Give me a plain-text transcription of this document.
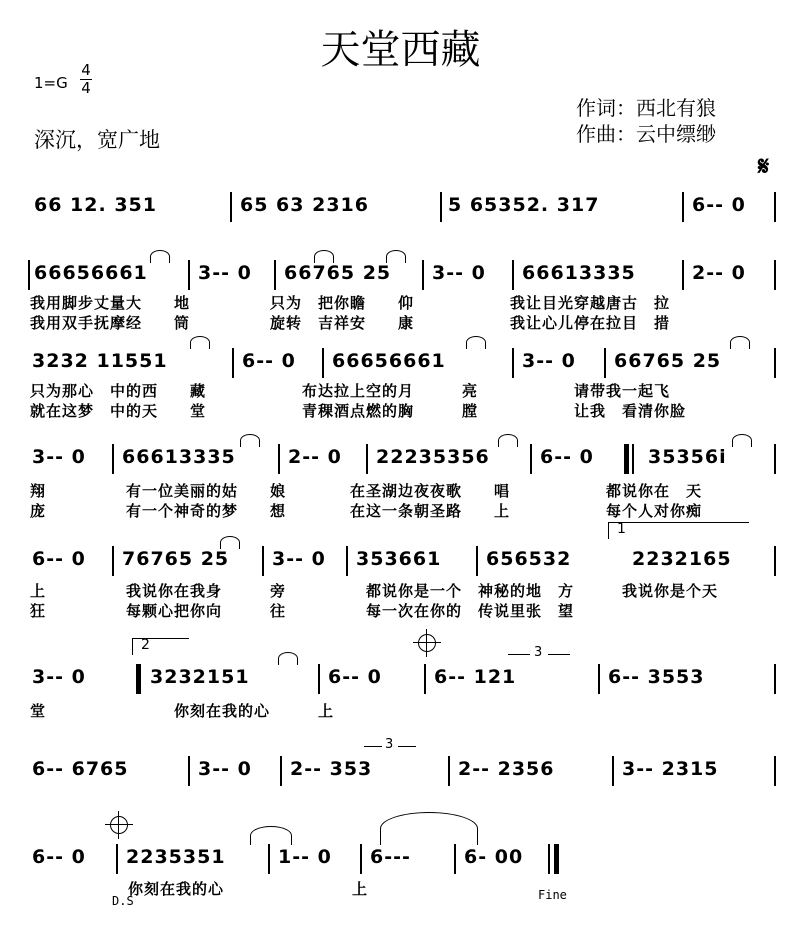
天堂西藏
1=G
4
4
深沉，宽广地
作词：西北有狼
作曲：云中缥缈
𝄋
66 12. 351	65 63 2316	5 65352. 317	6-- 0
66656661	3-- 0 66765 25 3-- 0 66613335	2-- 0
我用脚步丈量大　　地　　　　　只为　把你瞻　　仰　　　　　　我让目光穿越唐古　拉
我用双手抚摩经　　筒　　　　　旋转　吉祥安　　康　　　　　　我让心儿停在拉目　措
3232 11551	6-- 0 66656661	3-- 0 66765 25
只为那心　中的西　　藏　　　　　　布达拉上空的月　　　亮　　　　　　请带我一起飞
就在这梦　中的天　　堂　　　　　　青稞酒点燃的胸　　　膛　　　　　　让我　看清你脸
3-- 0 66613335	2-- 0 22235356	6-- 0	35356i
翔　　　　　有一位美丽的姑　　娘　　　　在圣湖边夜夜歌　　唱　　　　　　都说你在　天
庞　　　　　有一个神奇的梦　　想　　　　在这一条朝圣路　　上　　　　　　每个人对你痴
1
6-- 0 76765 25 3-- 0 353661 656532	2232165
上　　　　　我说你在我身　　　旁　　　　　都说你是一个　神秘的地　方　　　我说你是个天
狂　　　　　每颗心把你向　　　往　　　　　每一次在你的　传说里张　望
2	3
3-- 0	3232151	6-- 0	6-- 121	6-- 3553
堂　　　　　　　　你刻在我的心　　　上
3
6-- 6765	3-- 0 2-- 353	2-- 2356	3-- 2315
6-- 0 2235351	1-- 0 6---	6- 00
你刻在我的心　　　　　　　　上
D.S	Fine
